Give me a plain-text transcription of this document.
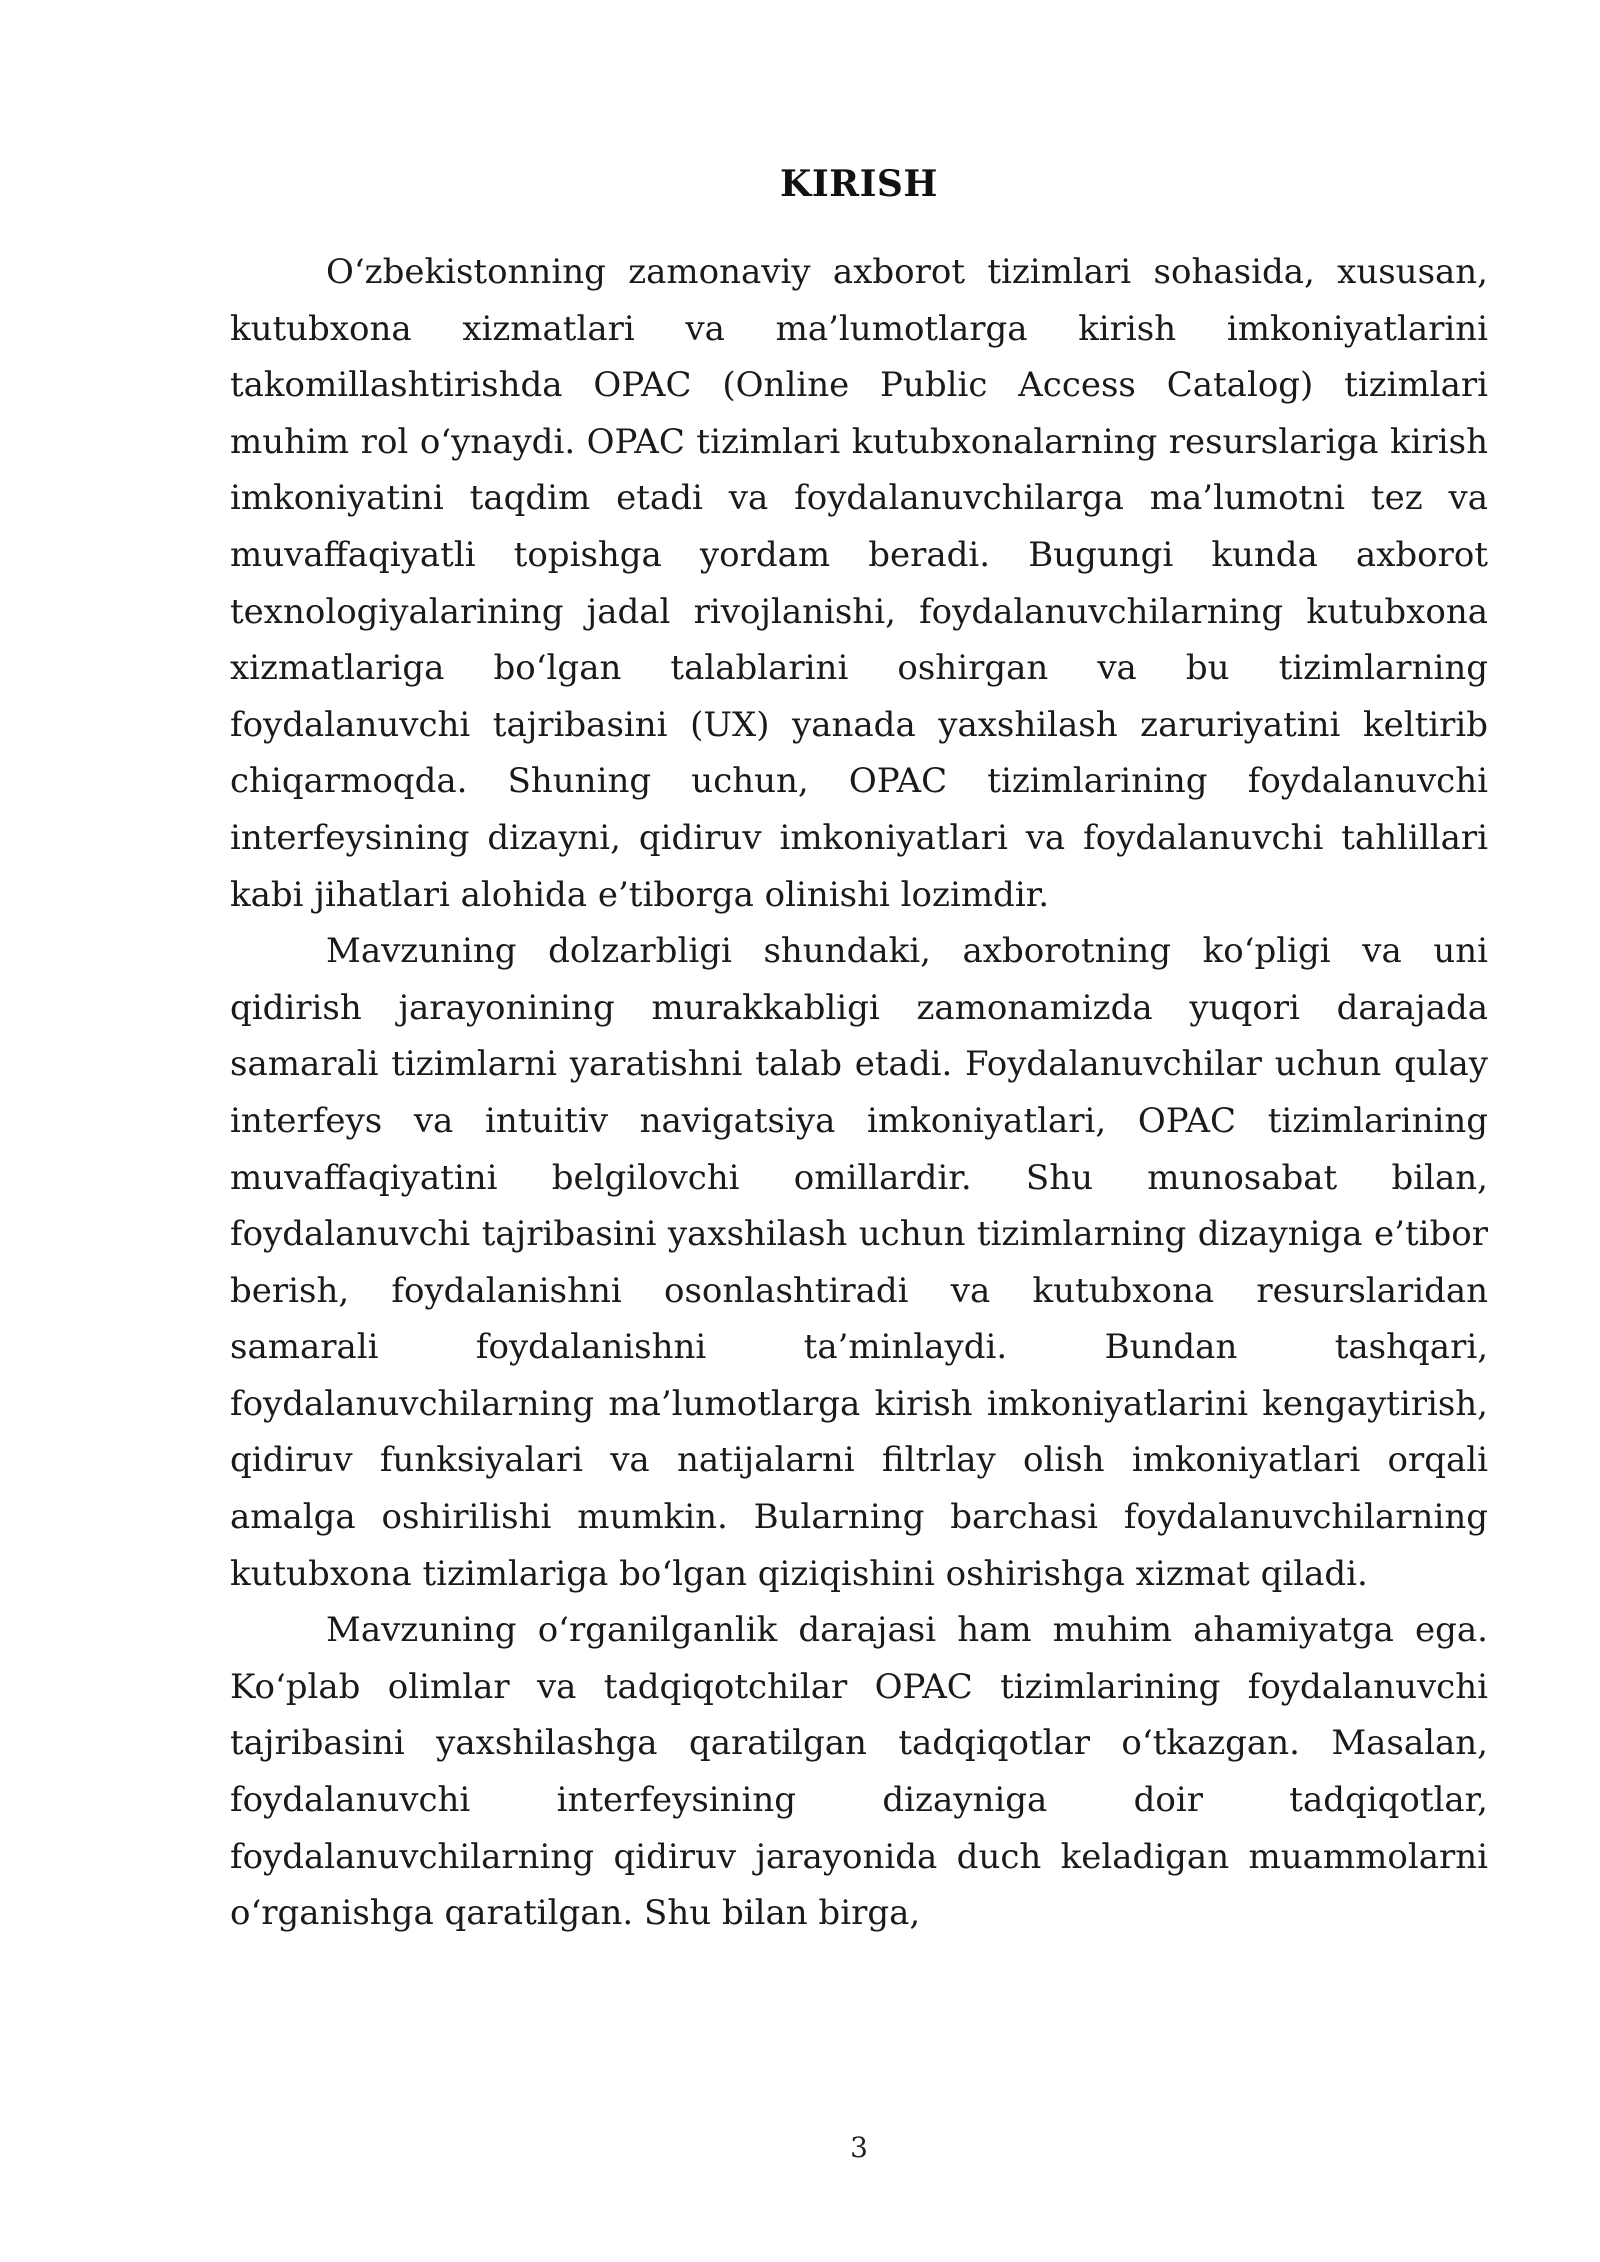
KIRISH

O‘zbekistonning zamonaviy axborot tizimlari sohasida, xususan, kutubxona xizmatlari va ma’lumotlarga kirish imkoniyatlarini takomillashtirishda OPAC (Online Public Access Catalog) tizimlari muhim rol o‘ynaydi. OPAC tizimlari kutubxonalarning resurslariga kirish imkoniyatini taqdim etadi va foydalanuvchilarga ma’lumotni tez va muvaffaqiyatli topishga yordam beradi. Bugungi kunda axborot texnologiyalarining jadal rivojlanishi, foydalanuvchilarning kutubxona xizmatlariga bo‘lgan talablarini oshirgan va bu tizimlarning foydalanuvchi tajribasini (UX) yanada yaxshilash zaruriyatini keltirib chiqarmoqda. Shuning uchun, OPAC tizimlarining foydalanuvchi interfeysining dizayni, qidiruv imkoniyatlari va foydalanuvchi tahlillari kabi jihatlari alohida e’tiborga olinishi lozimdir.

Mavzuning dolzarbligi shundaki, axborotning ko‘pligi va uni qidirish jarayonining murakkabligi zamonamizda yuqori darajada samarali tizimlarni yaratishni talab etadi. Foydalanuvchilar uchun qulay interfeys va intuitiv navigatsiya imkoniyatlari, OPAC tizimlarining muvaffaqiyatini belgilovchi omillardir. Shu munosabat bilan, foydalanuvchi tajribasini yaxshilash uchun tizimlarning dizayniga e’tibor berish, foydalanishni osonlashtiradi va kutubxona resurslaridan samarali foydalanishni ta’minlaydi. Bundan tashqari, foydalanuvchilarning ma’lumotlarga kirish imkoniyatlarini kengaytirish, qidiruv funksiyalari va natijalarni filtrlay olish imkoniyatlari orqali amalga oshirilishi mumkin. Bularning barchasi foydalanuvchilarning kutubxona tizimlariga bo‘lgan qiziqishini oshirishga xizmat qiladi.

Mavzuning o‘rganilganlik darajasi ham muhim ahamiyatga ega. Ko‘plab olimlar va tadqiqotchilar OPAC tizimlarining foydalanuvchi tajribasini yaxshilashga qaratilgan tadqiqotlar o‘tkazgan. Masalan, foydalanuvchi interfeysining dizayniga doir tadqiqotlar, foydalanuvchilarning qidiruv jarayonida duch keladigan muammolarni o‘rganishga qaratilgan. Shu bilan birga,

3
